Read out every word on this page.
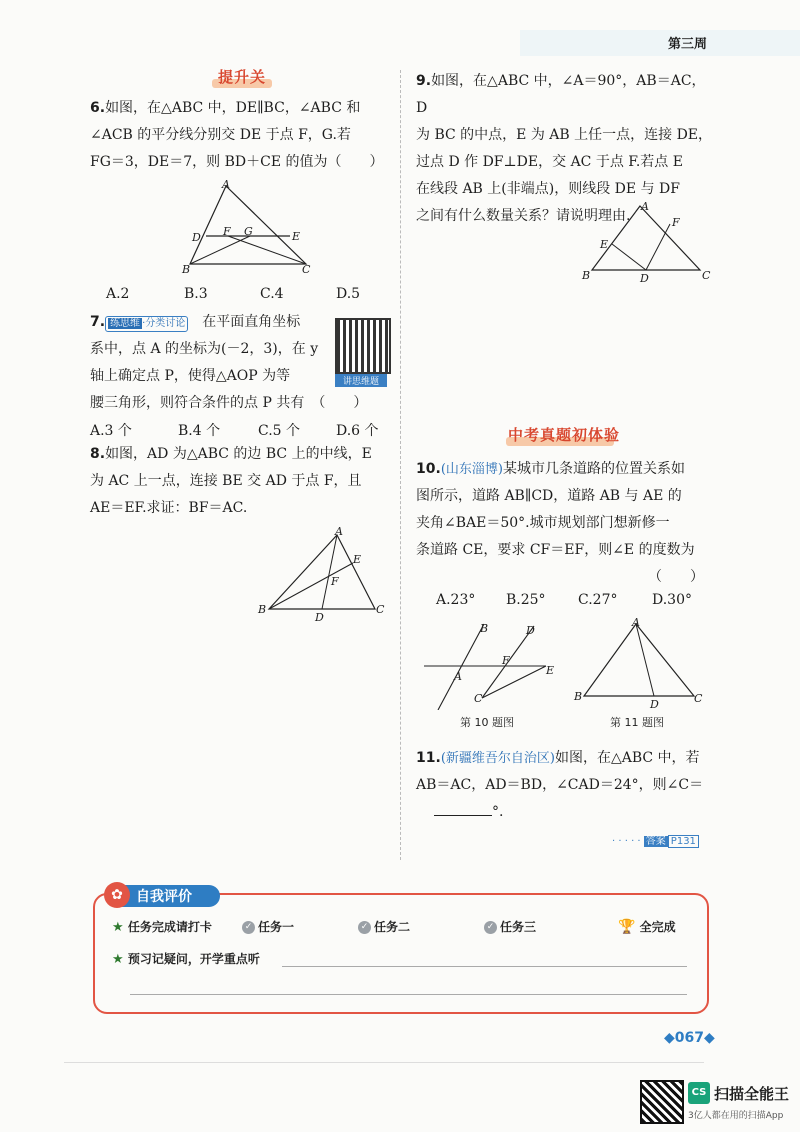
第三周
提升关
6.如图，在△ABC 中，DE∥BC，∠ABC 和
∠ACB 的平分线分别交 DE 于点 F，G.若
FG＝3，DE＝7，则 BD＋CE 的值为（　　）
A
D F G	E
B	C
A.2	B.3	C.4	D.5
7. 练思维 ·分类讨论　 在平面直角坐标
系中，点 A 的坐标为(－2，3)，在 y
轴上确定点 P，使得△AOP 为等
腰三角形，则符合条件的点 P 共有　（　　）
讲思维题
A.3 个	B.4 个	C.5 个	D.6 个
8.如图，AD 为△ABC 的边 BC 上的中线，E
为 AC 上一点，连接 BE 交 AD 于点 F，且
AE＝EF.求证：BF＝AC.
A
E
F
B
D
C
9.如图，在△ABC 中，∠A＝90°，AB＝AC，D
为 BC 的中点，E 为 AB 上任一点，连接 DE，
过点 D 作 DF⊥DE，交 AC 于点 F.若点 E
在线段 AB 上(非端点)，则线段 DE 与 DF
之间有什么数量关系？请说明理由.
A
F
E
B	D	C
中考真题初体验
10.(山东淄博)某城市几条道路的位置关系如
图所示，道路 AB∥CD，道路 AB 与 AE 的
夹角∠BAE＝50°.城市规划部门想新修一
条道路 CE，要求 CF＝EF，则∠E 的度数为
（　　）
A.23° B.25° C.27° D.30°
B	D
F
E
A
C
第 10 题图
A
B
D	C
第 11 题图
11.(新疆维吾尔自治区)如图，在△ABC 中，若
AB＝AC，AD＝BD，∠CAD＝24°，则∠C＝
°.
· · · · · 答案 P131
✿ 自我评价
★ 任务完成请打卡	✓ 任务一	✓ 任务二	✓ 任务三	🏆 全完成
★ 预习记疑问，开学重点听
◆067◆
CS 扫描全能王
3亿人都在用的扫描App
